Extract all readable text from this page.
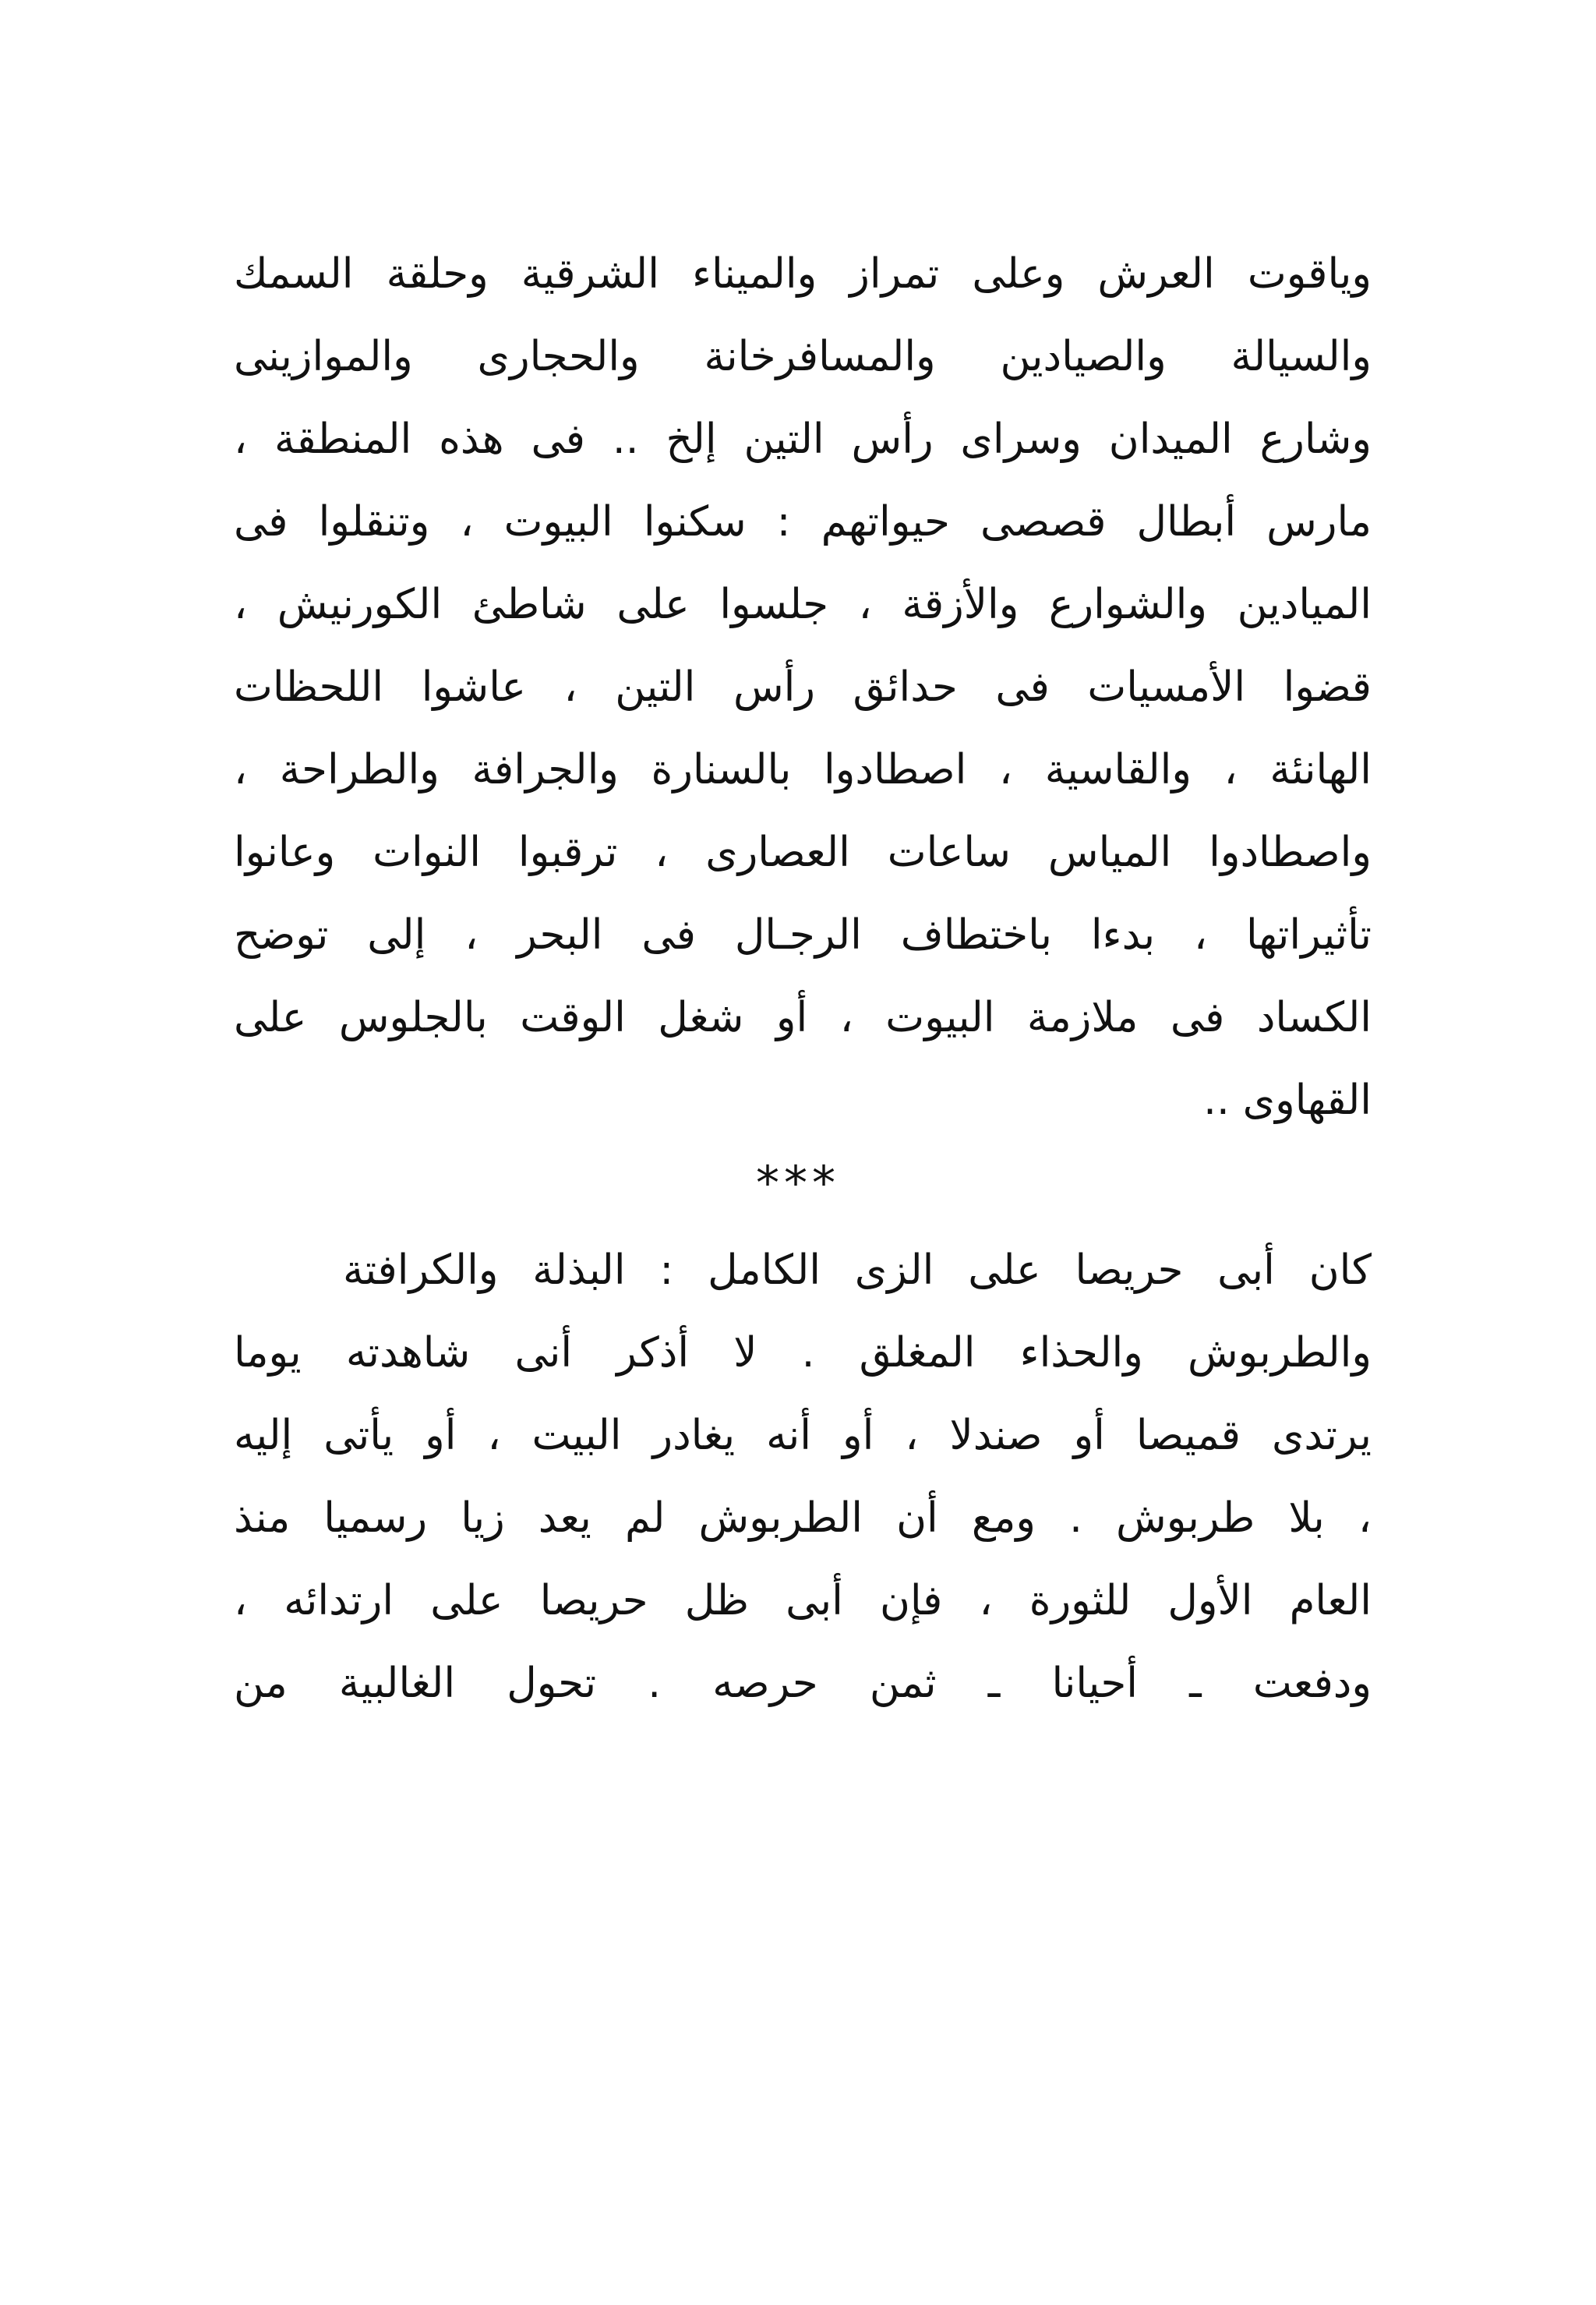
وياقوت العرش وعلى تمراز والميناء الشرقية وحلقة السمك
والسيالة والصيادين والمسافرخانة والحجارى والموازينى
وشارع الميدان وسراى رأس التين إلخ .. فى هذه المنطقة ،
مارس أبطال قصصى حيواتهم : سكنوا البيوت ، وتنقلوا فى
الميادين والشوارع والأزقة ، جلسوا على شاطئ الكورنيش ،
قضوا الأمسيات فى حدائق رأس التين ، عاشوا اللحظات
الهانئة ، والقاسية ، اصطادوا بالسنارة والجرافة والطراحة ،
واصطادوا المياس ساعات العصارى ، ترقبوا النوات وعانوا
تأثيراتها ، بدءا باختطاف الرجـال فى البحر ، إلى توضح
الكساد فى ملازمة البيوت ، أو شغل الوقت بالجلوس على
القهاوى ..
***
كان أبى حريصا على الزى الكامل : البذلة والكرافتة
والطربوش والحذاء المغلق . لا أذكر أنى شاهدته يوما
يرتدى قميصا أو صندلا ، أو أنه يغادر البيت ، أو يأتى إليه
، بلا طربوش . ومع أن الطربوش لم يعد زيا رسميا منذ
العام الأول للثورة ، فإن أبى ظل حريصا على ارتدائه ،
ودفعت ـ أحيانا ـ ثمن حرصه . تحول الغالبية من
